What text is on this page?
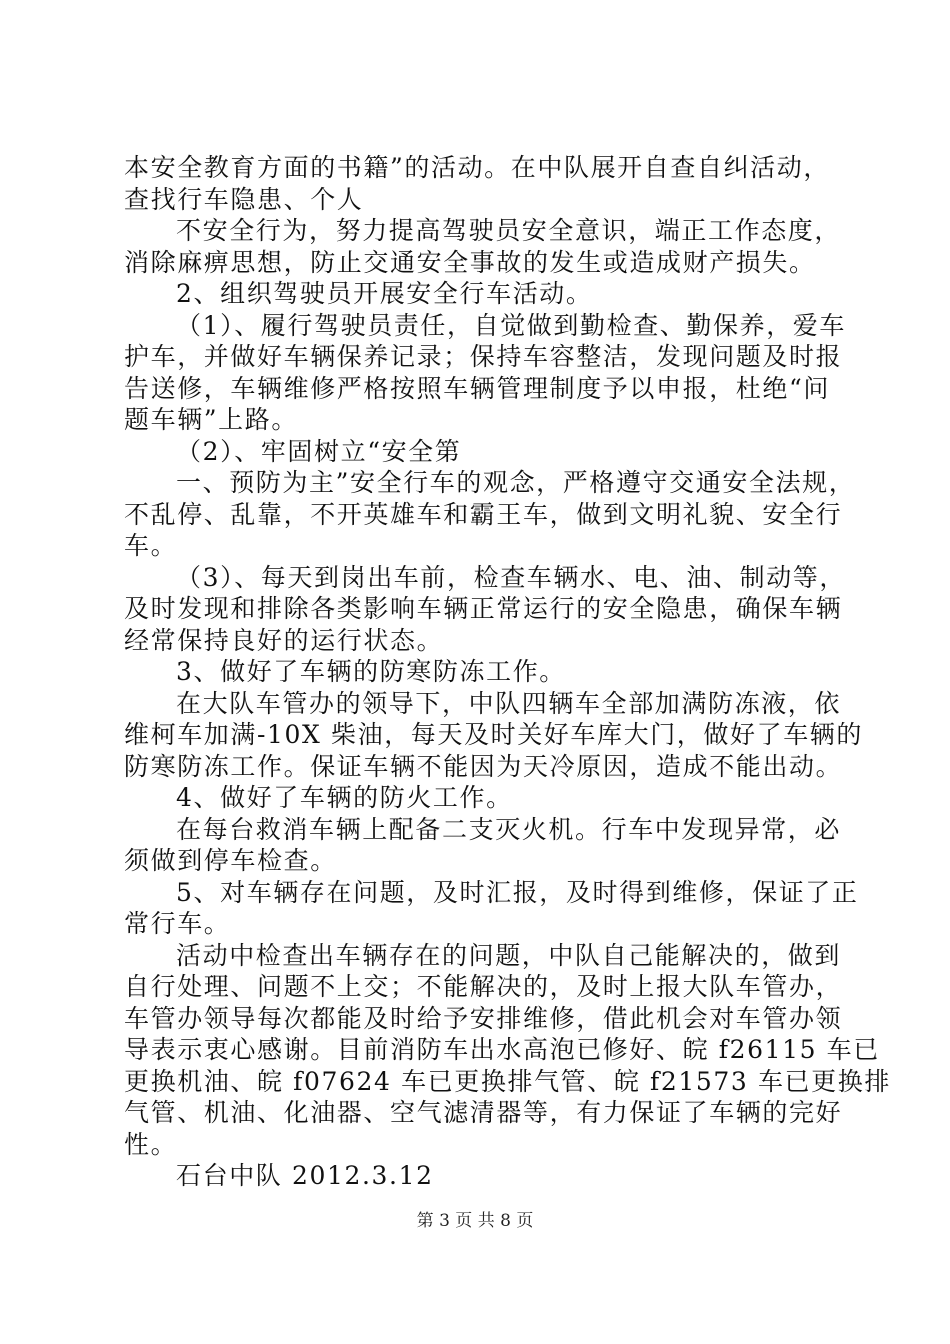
本安全教育方面的书籍”的活动。在中队展开自查自纠活动，
查找行车隐患、个人
不安全行为，努力提高驾驶员安全意识，端正工作态度，
消除麻痹思想，防止交通安全事故的发生或造成财产损失。
2、组织驾驶员开展安全行车活动。
（1）、履行驾驶员责任，自觉做到勤检查、勤保养，爱车
护车，并做好车辆保养记录；保持车容整洁，发现问题及时报
告送修，车辆维修严格按照车辆管理制度予以申报，杜绝“问
题车辆”上路。
（2）、牢固树立“安全第
一、预防为主”安全行车的观念，严格遵守交通安全法规，
不乱停、乱靠，不开英雄车和霸王车，做到文明礼貌、安全行
车。
（3）、每天到岗出车前，检查车辆水、电、油、制动等，
及时发现和排除各类影响车辆正常运行的安全隐患，确保车辆
经常保持良好的运行状态。
3、做好了车辆的防寒防冻工作。
在大队车管办的领导下，中队四辆车全部加满防冻液，依
维柯车加满-10X 柴油，每天及时关好车库大门，做好了车辆的
防寒防冻工作。保证车辆不能因为天冷原因，造成不能出动。
4、做好了车辆的防火工作。
在每台救消车辆上配备二支灭火机。行车中发现异常，必
须做到停车检查。
5、对车辆存在问题，及时汇报，及时得到维修，保证了正
常行车。
活动中检查出车辆存在的问题，中队自己能解决的，做到
自行处理、问题不上交；不能解决的，及时上报大队车管办，
车管办领导每次都能及时给予安排维修，借此机会对车管办领
导表示衷心感谢。目前消防车出水高泡已修好、皖 f26115 车已
更换机油、皖 f07624 车已更换排气管、皖 f21573 车已更换排
气管、机油、化油器、空气滤清器等，有力保证了车辆的完好
性。
石台中队 2012.3.12
第 3 页 共 8 页
